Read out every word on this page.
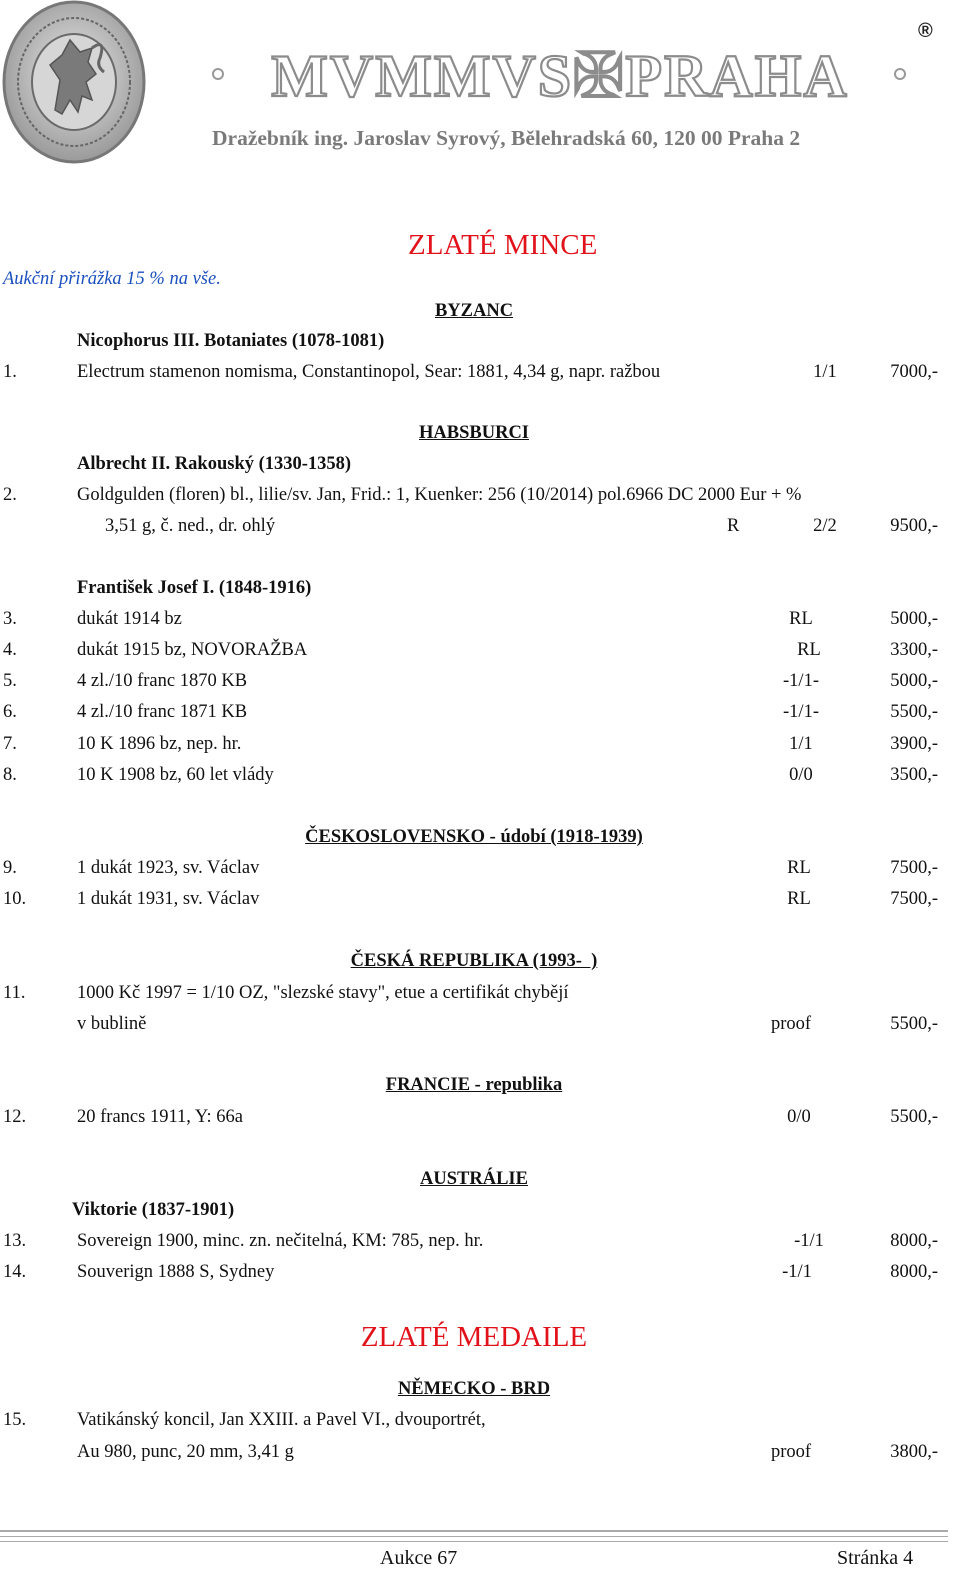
MVMMVS✠PRAHA
®
Dražebník ing. Jaroslav Syrový, Bělehradská 60, 120 00 Praha 2
ZLATÉ MINCE
Aukční přirážka 15 % na vše.
BYZANC
Nicophorus III. Botaniates (1078-1081)
1.	Electrum stamenon nomisma, Constantinopol, Sear: 1881, 4,34 g, napr. ražbou	1/1	7000,-
HABSBURCI
Albrecht II. Rakouský (1330-1358)
2.	Goldgulden (floren) bl., lilie/sv. Jan, Frid.: 1, Kuenker: 256 (10/2014) pol.6966 DC 2000 Eur + %
3,51 g, č. ned., dr. ohlý	R	2/2	9500,-
František Josef I. (1848-1916)
3.	dukát 1914 bz	RL	5000,-
4.	dukát 1915 bz, NOVORAŽBA	RL	3300,-
5.	4 zl./10 franc 1870 KB	-1/1-	5000,-
6.	4 zl./10 franc 1871 KB	-1/1-	5500,-
7.	10 K 1896 bz, nep. hr.	1/1	3900,-
8.	10 K 1908 bz, 60 let vlády	0/0	3500,-
ČESKOSLOVENSKO - údobí (1918-1939)
9.	1 dukát 1923, sv. Václav	RL	7500,-
10.	1 dukát 1931, sv. Václav	RL	7500,-
ČESKÁ REPUBLIKA (1993-  )
11.	1000 Kč 1997 = 1/10 OZ, "slezské stavy", etue a certifikát chybějí
v bublině	proof	5500,-
FRANCIE - republika
12.	20 francs 1911, Y: 66a	0/0	5500,-
AUSTRÁLIE
Viktorie (1837-1901)
13.	Sovereign 1900, minc. zn. nečitelná, KM: 785, nep. hr.	-1/1	8000,-
14.	Souverign 1888 S, Sydney	-1/1	8000,-
ZLATÉ MEDAILE
NĚMECKO - BRD
15.	Vatikánský koncil, Jan XXIII. a Pavel VI., dvouportrét,
Au 980, punc, 20 mm, 3,41 g	proof	3800,-
Aukce 67	Stránka 4
